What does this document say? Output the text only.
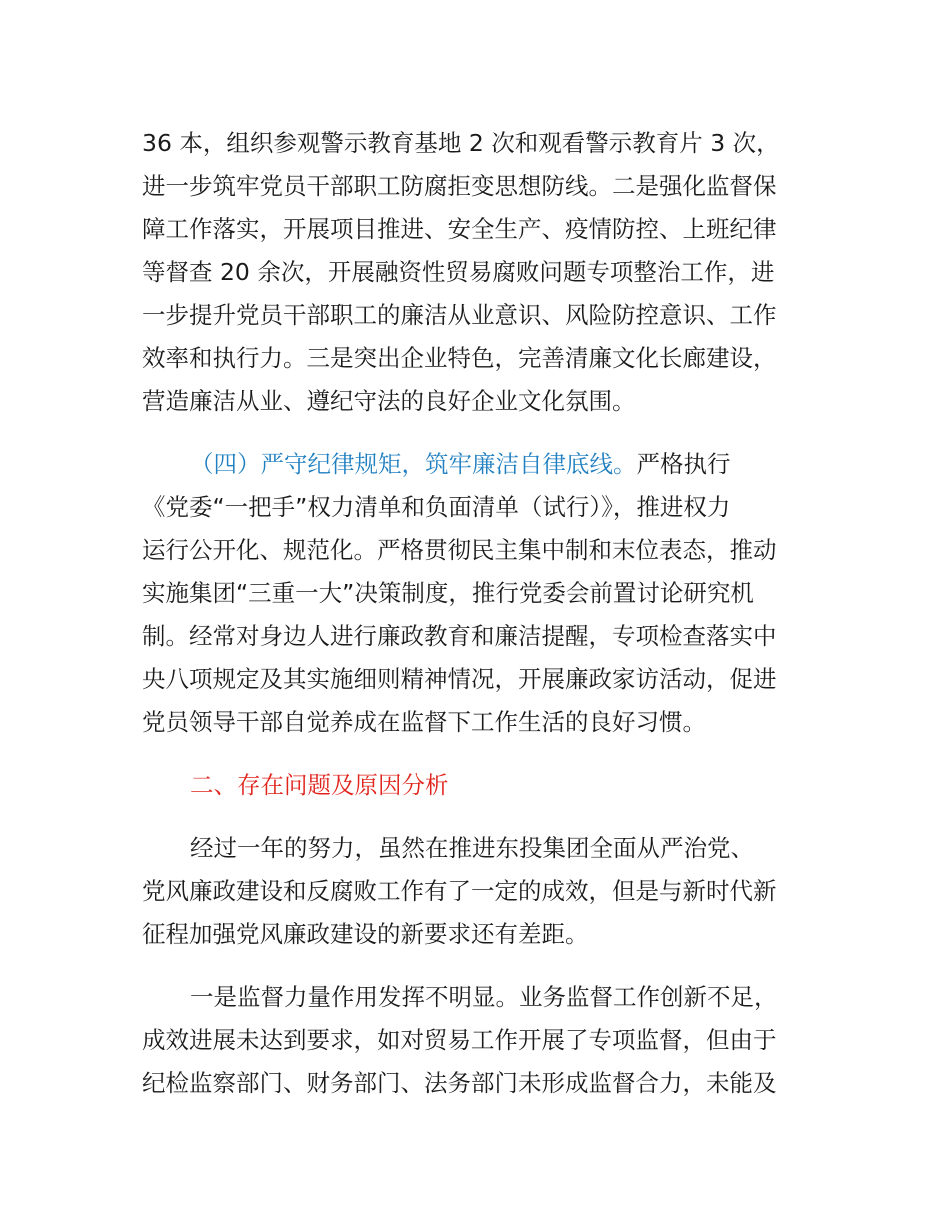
36 本，组织参观警示教育基地 2 次和观看警示教育片 3 次，
进一步筑牢党员干部职工防腐拒变思想防线。二是强化监督保
障工作落实，开展项目推进、安全生产、疫情防控、上班纪律
等督查 20 余次，开展融资性贸易腐败问题专项整治工作，进
一步提升党员干部职工的廉洁从业意识、风险防控意识、工作
效率和执行力。三是突出企业特色，完善清廉文化长廊建设，
营造廉洁从业、遵纪守法的良好企业文化氛围。
（四）严守纪律规矩，筑牢廉洁自律底线。严格执行
《党委“一把手”权力清单和负面清单（试行）》，推进权力
运行公开化、规范化。严格贯彻民主集中制和末位表态，推动
实施集团“三重一大”决策制度，推行党委会前置讨论研究机
制。经常对身边人进行廉政教育和廉洁提醒，专项检查落实中
央八项规定及其实施细则精神情况，开展廉政家访活动，促进
党员领导干部自觉养成在监督下工作生活的良好习惯。
二、存在问题及原因分析
经过一年的努力，虽然在推进东投集团全面从严治党、
党风廉政建设和反腐败工作有了一定的成效，但是与新时代新
征程加强党风廉政建设的新要求还有差距。
一是监督力量作用发挥不明显。业务监督工作创新不足，
成效进展未达到要求，如对贸易工作开展了专项监督，但由于
纪检监察部门、财务部门、法务部门未形成监督合力，未能及
